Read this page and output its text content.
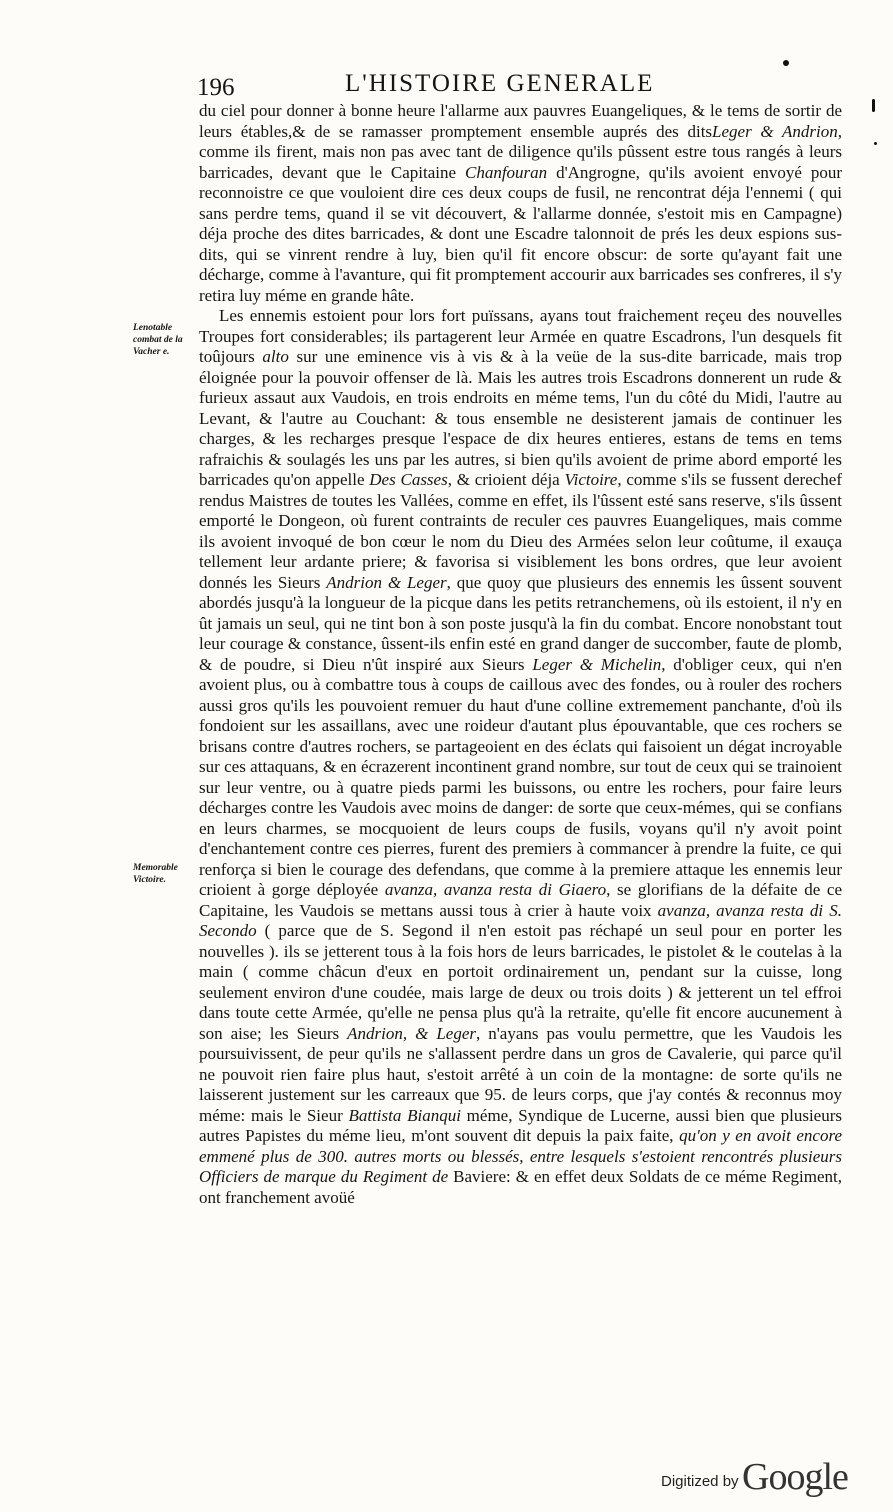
196	L'HISTOIRE GENERALE
Lenotable combat de la Vacher e.
Memorable Victoire.

du ciel pour donner à bonne heure l'allarme aux pauvres Euangeliques, & le tems de sortir de leurs étables,& de se ramasser promptement ensemble auprés des ditsLeger & Andrion, comme ils firent, mais non pas avec tant de diligence qu'ils pûssent estre tous rangés à leurs barricades, devant que le Capitaine Chanfouran d'Angrogne, qu'ils avoient envoyé pour reconnoistre ce que vouloient dire ces deux coups de fusil, ne rencontrat déja l'ennemi ( qui sans perdre tems, quand il se vit découvert, & l'allarme donnée, s'estoit mis en Campagne) déja proche des dites barricades, & dont une Escadre talonnoit de prés les deux espions sus-dits, qui se vinrent rendre à luy, bien qu'il fit encore obscur: de sorte qu'ayant fait une décharge, comme à l'avanture, qui fit promptement accourir aux barricades ses confreres, il s'y retira luy méme en grande hâte.

Les ennemis estoient pour lors fort puïssans, ayans tout fraichement reçeu des nouvelles Troupes fort considerables; ils partagerent leur Armée en quatre Escadrons, l'un desquels fit toûjours alto sur une eminence vis à vis & à la veüe de la sus-dite barricade, mais trop éloignée pour la pouvoir offenser de là. Mais les autres trois Escadrons donnerent un rude & furieux assaut aux Vaudois, en trois endroits en méme tems, l'un du côté du Midi, l'autre au Levant, & l'autre au Couchant: & tous ensemble ne desisterent jamais de continuer les charges, & les recharges presque l'espace de dix heures entieres, estans de tems en tems rafraichis & soulagés les uns par les autres, si bien qu'ils avoient de prime abord emporté les barricades qu'on appelle Des Casses, & crioient déja Victoire, comme s'ils se fussent derechef rendus Maistres de toutes les Vallées, comme en effet, ils l'ûssent esté sans reserve, s'ils ûssent emporté le Dongeon, où furent contraints de reculer ces pauvres Euangeliques, mais comme ils avoient invoqué de bon cœur le nom du Dieu des Armées selon leur coûtume, il exauça tellement leur ardante priere; & favorisa si visiblement les bons ordres, que leur avoient donnés les Sieurs Andrion & Leger, que quoy que plusieurs des ennemis les ûssent souvent abordés jusqu'à la longueur de la picque dans les petits retranchemens, où ils estoient, il n'y en ût jamais un seul, qui ne tint bon à son poste jusqu'à la fin du combat. Encore nonobstant tout leur courage & constance, ûssent-ils enfin esté en grand danger de succomber, faute de plomb, & de poudre, si Dieu n'ût inspiré aux Sieurs Leger & Michelin, d'obliger ceux, qui n'en avoient plus, ou à combattre tous à coups de caillous avec des fondes, ou à rouler des rochers aussi gros qu'ils les pouvoient remuer du haut d'une colline extremement panchante, d'où ils fondoient sur les assaillans, avec une roideur d'autant plus épouvantable, que ces rochers se brisans contre d'autres rochers, se partageoient en des éclats qui faisoient un dégat incroyable sur ces attaquans, & en écrazerent incontinent grand nombre, sur tout de ceux qui se trainoient sur leur ventre, ou à quatre pieds parmi les buissons, ou entre les rochers, pour faire leurs décharges contre les Vaudois avec moins de danger: de sorte que ceux-mémes, qui se confians en leurs charmes, se mocquoient de leurs coups de fusils, voyans qu'il n'y avoit point d'enchantement contre ces pierres, furent des premiers à commancer à prendre la fuite, ce qui renforça si bien le courage des defendans, que comme à la premiere attaque les ennemis leur crioient à gorge déployée avanza, avanza resta di Giaero, se glorifians de la défaite de ce Capitaine, les Vaudois se mettans aussi tous à crier à haute voix avanza, avanza resta di S. Secondo ( parce que de S. Segond il n'en estoit pas réchapé un seul pour en porter les nouvelles ). ils se jetterent tous à la fois hors de leurs barricades, le pistolet & le coutelas à la main ( comme châcun d'eux en portoit ordinairement un, pendant sur la cuisse, long seulement environ d'une coudée, mais large de deux ou trois doits ) & jetterent un tel effroi dans toute cette Armée, qu'elle ne pensa plus qu'à la retraite, qu'elle fit encore aucunement à son aise; les Sieurs Andrion, & Leger, n'ayans pas voulu permettre, que les Vaudois les poursuivissent, de peur qu'ils ne s'allassent perdre dans un gros de Cavalerie, qui parce qu'il ne pouvoit rien faire plus haut, s'estoit arrêté à un coin de la montagne: de sorte qu'ils ne laisserent justement sur les carreaux que 95. de leurs corps, que j'ay contés & reconnus moy méme: mais le Sieur Battista Bianqui méme, Syndique de Lucerne, aussi bien que plusieurs autres Papistes du méme lieu, m'ont souvent dit depuis la paix faite, qu'on y en avoit encore emmené plus de 300. autres morts ou blessés, entre lesquels s'estoient rencontrés plusieurs Officiers de marque du Regiment de Baviere: & en effet deux Soldats de ce méme Regiment, ont franchement avoüé

Digitized by Google
